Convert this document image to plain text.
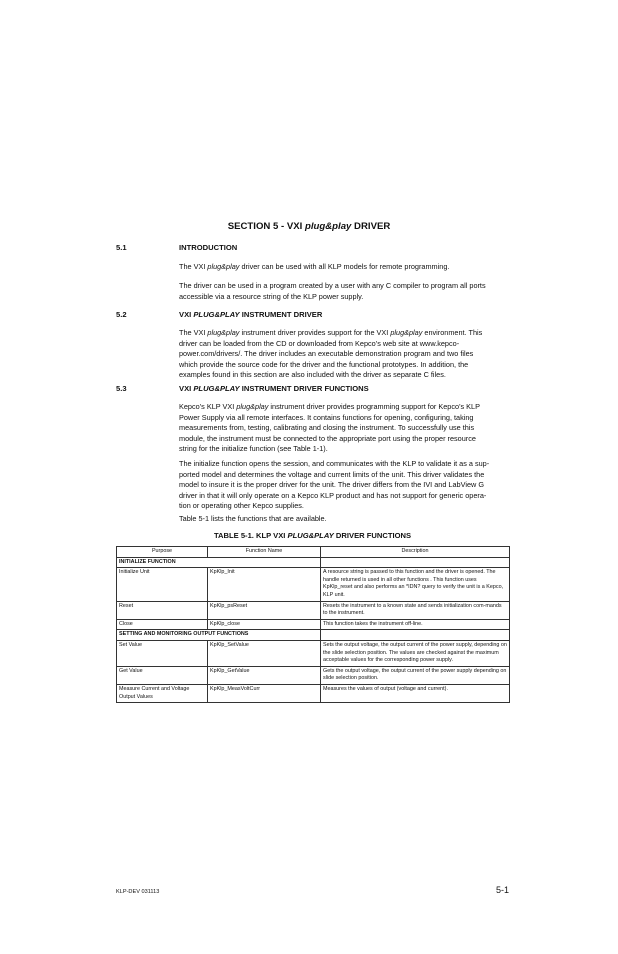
SECTION 5 - VXI plug&play DRIVER
5.1	INTRODUCTION
The VXI plug&play driver can be used with all KLP models for remote programming.
The driver can be used in a program created by a user with any C compiler to program all ports
accessible via a resource string of the KLP power supply.
5.2	VXI PLUG&PLAY INSTRUMENT DRIVER
The VXI plug&play instrument driver provides support for the VXI plug&play environment. This
driver can be loaded from the CD or downloaded from Kepco’s web site at www.kepco-
power.com/drivers/. The driver includes an executable demonstration program and two files
which provide the source code for the driver and the functional prototypes. In addition, the
examples found in this section are also included with the driver as separate C files.
5.3	VXI PLUG&PLAY INSTRUMENT DRIVER FUNCTIONS
Kepco’s KLP VXI plug&play instrument driver provides programming support for Kepco’s KLP
Power Supply via all remote interfaces. It contains functions for opening, configuring, taking
measurements from, testing, calibrating and closing the instrument. To successfully use this
module, the instrument must be connected to the appropriate port using the proper resource
string for the initialize function (see Table 1-1).
The initialize function opens the session, and communicates with the KLP to validate it as a sup-
ported model and determines the voltage and current limits of the unit. This driver validates the
model to insure it is the proper driver for the unit. The driver differs from the IVI and LabView G
driver in that it will only operate on a Kepco KLP product and has not support for generic opera-
tion or operating other Kepco supplies.
Table 5-1 lists the functions that are available.
TABLE 5-1. KLP VXI PLUG&PLAY DRIVER FUNCTIONS
Purpose	Function Name	Description
INITIALIZE FUNCTION		
Initialize Unit	KpKlp_Init	A resource string is passed to this function and the driver is opened. The handle returned is used in all other functions . This function uses KpKlp_reset and also performs an *IDN? query to verify the unit is a Kepco, KLP unit.
Reset	KpKlp_psReset	Resets the instrument to a known state and sends initialization com-mands to the instrument.
Close	KpKlp_close	This function takes the instrument off-line.
SETTING AND MONITORING OUTPUT FUNCTIONS		
Set Value	KpKlp_SetValue	Sets the output voltage, the output current of the power supply, depending on the slide selection position. The values are checked against the maximum acceptable values for the corresponding power supply.
Get Value	KpKlp_GetValue	Gets the output voltage, the output current of the power supply depending on slide selection position.
Measure Current and Voltage Output Values	KpKlp_MeasVoltCurr	Measures the values of output (voltage and current).
KLP-DEV 031113	5-1
